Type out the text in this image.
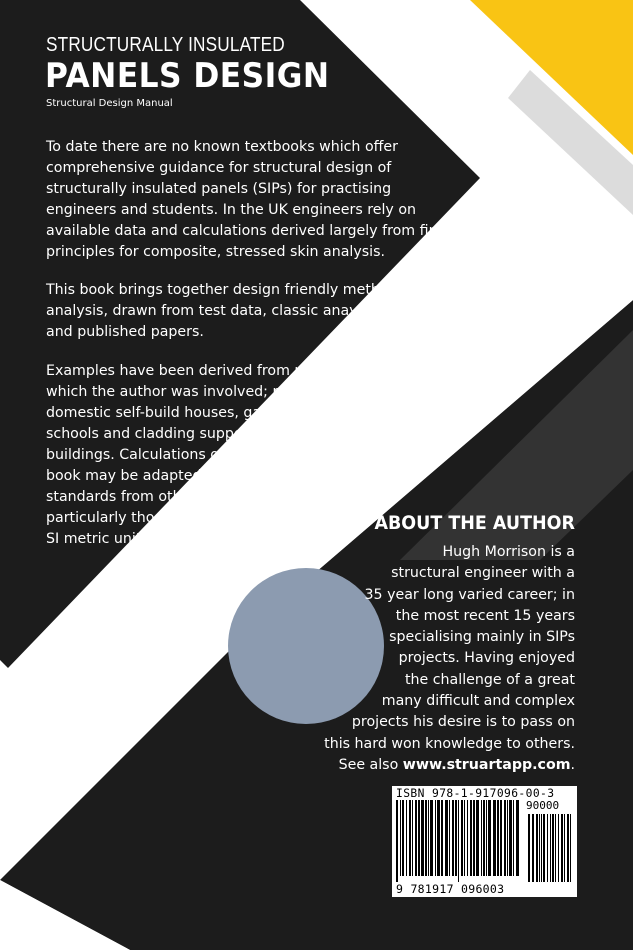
STRUCTURALLY INSULATED
PANELS DESIGN
Structural Design Manual
To date there are no known textbooks which offer
comprehensive guidance for structural design of
structurally insulated panels (SIPs) for practising
engineers and students. In the UK engineers rely on
available data and calculations derived largely from first
principles for composite, stressed skin analysis.
This book brings together design friendly methods of structural
analysis, drawn from test data, classic anaytical techniques
and published papers.
Examples have been derived from projects in
which the author was involved; ranging from
domestic self-build houses, garden offices,
schools and cladding support on framed
buildings. Calculations outlined in the
book may be adapted to design
standards from other countries;
particularly those which use
SI metric units.
ABOUT THE AUTHOR
Hugh Morrison is a
structural engineer with a
35 year long varied career; in
the most recent 15 years
specialising mainly in SIPs
projects. Having enjoyed
the challenge of a great
many difficult and complex
projects his desire is to pass on
this hard won knowledge to others.
See also www.struartapp.com.
ISBN 978-1-917096-00-3
90000
9 781917 096003
